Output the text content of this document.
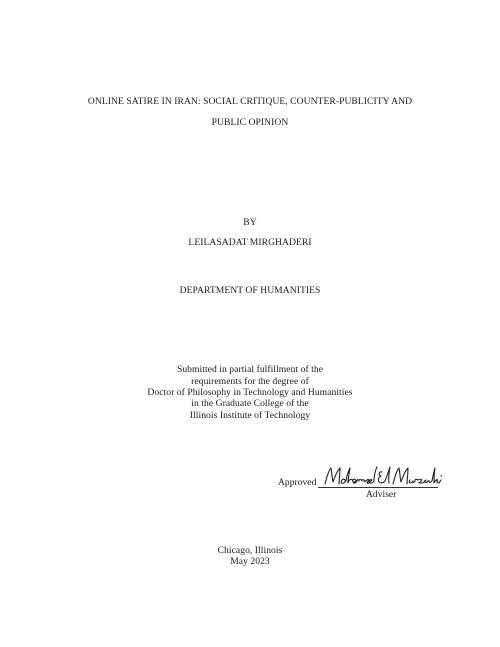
ONLINE SATIRE IN IRAN: SOCIAL CRITIQUE, COUNTER-PUBLICITY AND
PUBLIC OPINION
BY
LEILASADAT MIRGHADERI
DEPARTMENT OF HUMANITIES
Submitted in partial fulfillment of the
requirements for the degree of
Doctor of Philosophy in Technology and Humanities
in the Graduate College of the
Illinois Institute of Technology
Approved
Adviser
Chicago, Illinois
May 2023
